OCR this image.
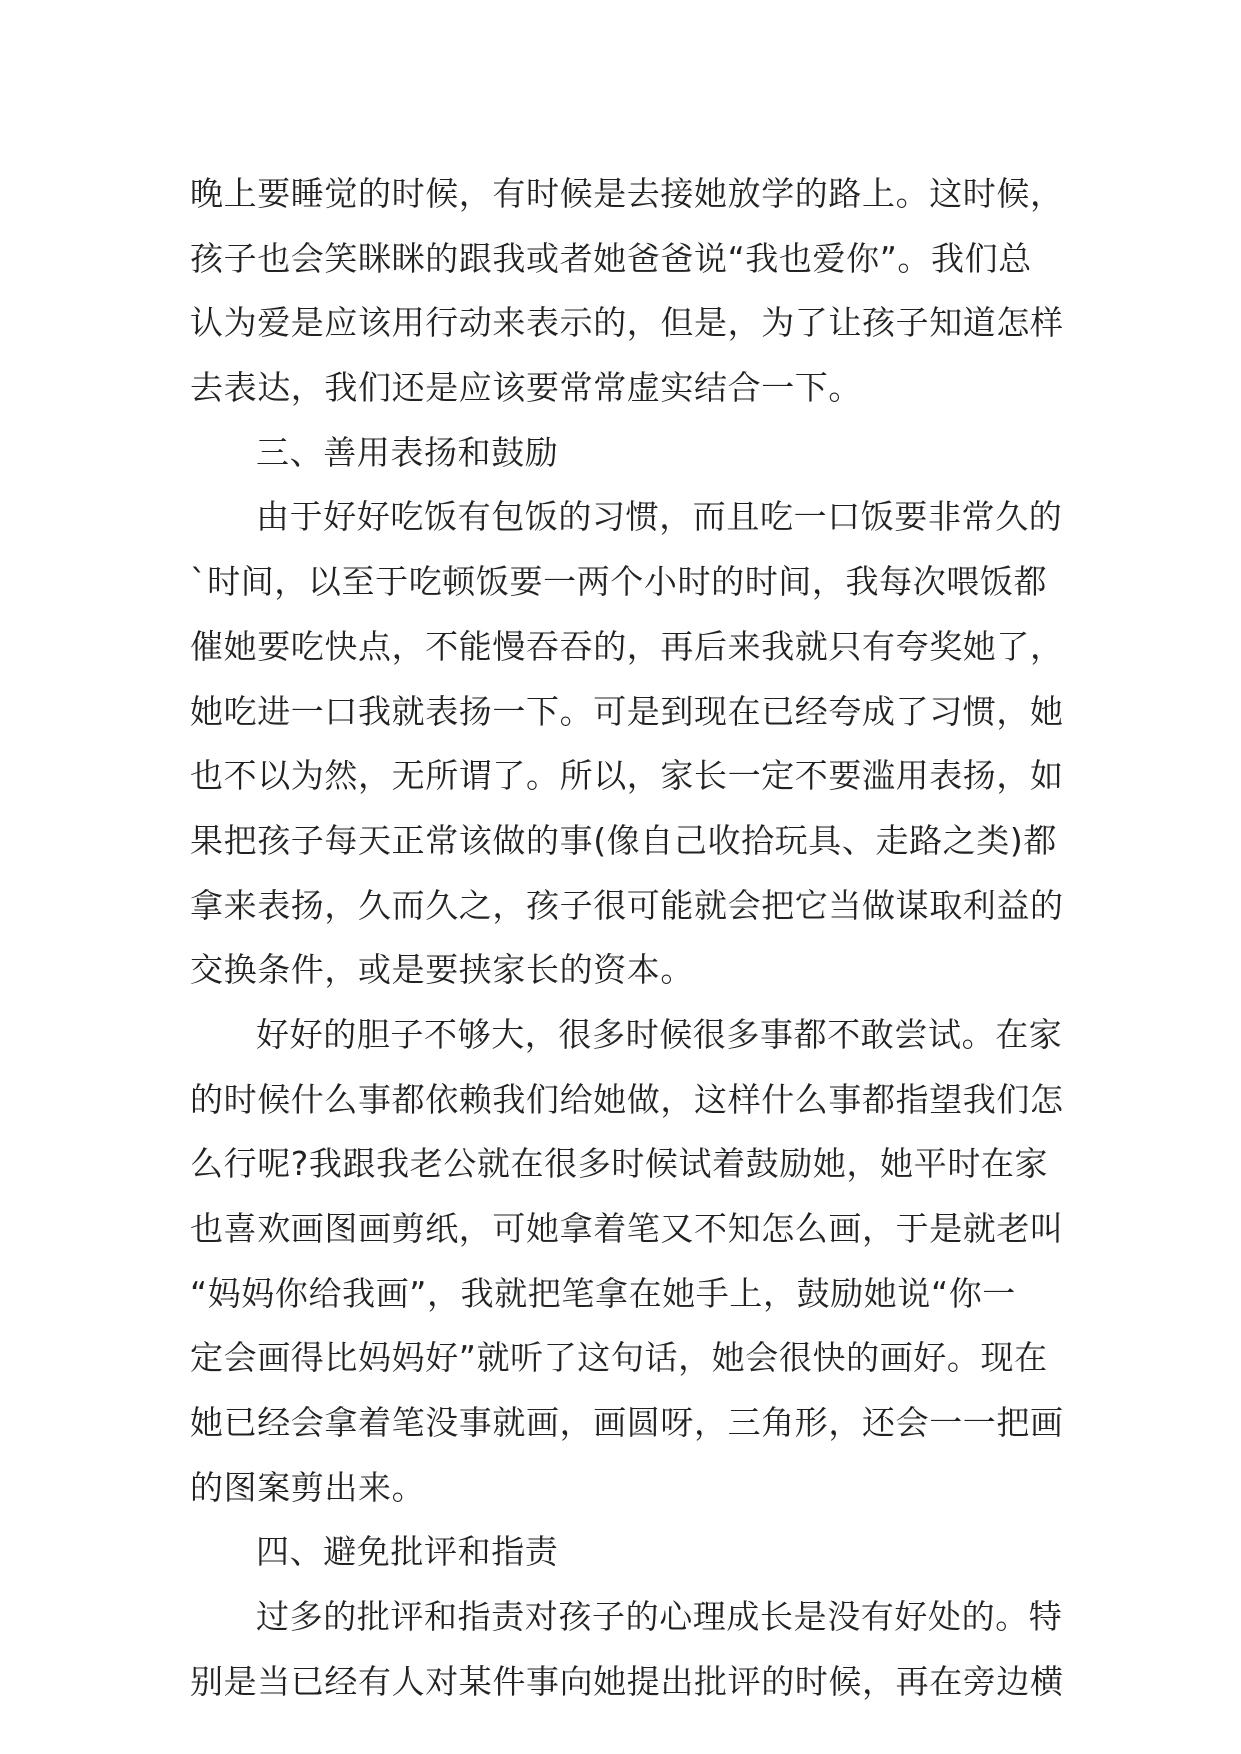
晚上要睡觉的时候，有时候是去接她放学的路上。这时候，
孩子也会笑眯眯的跟我或者她爸爸说“我也爱你”。我们总
认为爱是应该用行动来表示的，但是，为了让孩子知道怎样
去表达，我们还是应该要常常虚实结合一下。
三、善用表扬和鼓励
由于好好吃饭有包饭的习惯，而且吃一口饭要非常久的
`时间，以至于吃顿饭要一两个小时的时间，我每次喂饭都
催她要吃快点，不能慢吞吞的，再后来我就只有夸奖她了，
她吃进一口我就表扬一下。可是到现在已经夸成了习惯，她
也不以为然，无所谓了。所以，家长一定不要滥用表扬，如
果把孩子每天正常该做的事(像自己收拾玩具、走路之类)都
拿来表扬，久而久之，孩子很可能就会把它当做谋取利益的
交换条件，或是要挟家长的资本。
好好的胆子不够大，很多时候很多事都不敢尝试。在家
的时候什么事都依赖我们给她做，这样什么事都指望我们怎
么行呢?我跟我老公就在很多时候试着鼓励她，她平时在家
也喜欢画图画剪纸，可她拿着笔又不知怎么画，于是就老叫
“妈妈你给我画”，我就把笔拿在她手上，鼓励她说“你一
定会画得比妈妈好”就听了这句话，她会很快的画好。现在
她已经会拿着笔没事就画，画圆呀，三角形，还会一一把画
的图案剪出来。
四、避免批评和指责
过多的批评和指责对孩子的心理成长是没有好处的。特
别是当已经有人对某件事向她提出批评的时候，再在旁边横
